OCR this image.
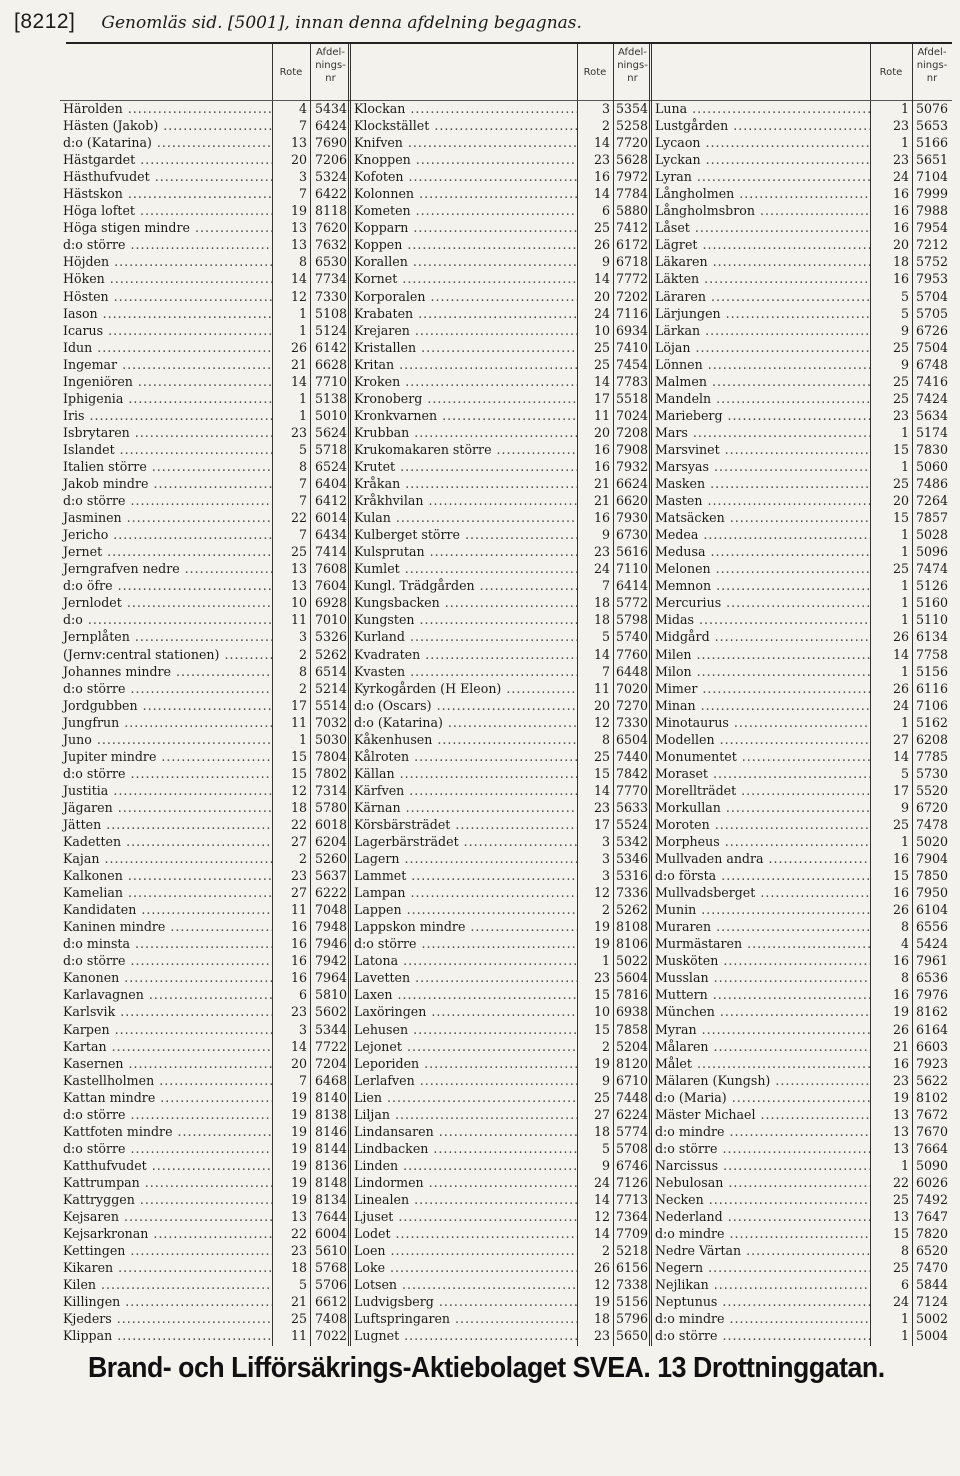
[8212] Genomläs sid. [5001], innan denna afdelning begagnas.
Rote
Afdel-
nings-
nr
Härolden .....	4 5434
Hästen (Jakob) .....	7 6424
d:o (Katarina) .....	13 7690
Hästgardet .....	20 7206
Hästhufvudet .....	3 5324
Hästskon .....	7 6422
Höga loftet .....	19 8118
Höga stigen mindre .....	13 7620
d:o större .....	13 7632
Höjden .....	8 6530
Höken .....	14 7734
Hösten .....	12 7330
Iason .....	1 5108
Icarus .....	1 5124
Idun .....	26 6142
Ingemar .....	21 6628
Ingeniören .....	14 7710
Iphigenia .....	1 5138
Iris .....	1 5010
Isbrytaren .....	23 5624
Islandet .....	5 5718
Italien större .....	8 6524
Jakob mindre .....	7 6404
d:o större .....	7 6412
Jasminen .....	22 6014
Jericho .....	7 6434
Jernet .....	25 7414
Jerngrafven nedre .....	13 7608
d:o öfre .....	13 7604
Jernlodet .....	10 6928
d:o .....	11 7010
Jernplåten .....	3 5326
(Jernv:central stationen) .....	2 5262
Johannes mindre .....	8 6514
d:o större .....	2 5214
Jordgubben .....	17 5514
Jungfrun .....	11 7032
Juno .....	1 5030
Jupiter mindre .....	15 7804
d:o större .....	15 7802
Justitia .....	12 7314
Jägaren .....	18 5780
Jätten .....	22 6018
Kadetten .....	27 6204
Kajan .....	2 5260
Kalkonen .....	23 5637
Kamelian .....	27 6222
Kandidaten .....	11 7048
Kaninen mindre .....	16 7948
d:o minsta .....	16 7946
d:o större .....	16 7942
Kanonen .....	16 7964
Karlavagnen .....	6 5810
Karlsvik .....	23 5602
Karpen .....	3 5344
Kartan .....	14 7722
Kasernen .....	20 7204
Kastellholmen .....	7 6468
Kattan mindre .....	19 8140
d:o större .....	19 8138
Kattfoten mindre .....	19 8146
d:o större .....	19 8144
Katthufvudet .....	19 8136
Kattrumpan .....	19 8148
Kattryggen .....	19 8134
Kejsaren .....	13 7644
Kejsarkronan .....	22 6004
Kettingen .....	23 5610
Kikaren .....	18 5768
Kilen .....	5 5706
Killingen .....	21 6612
Kjeders .....	25 7408
Klippan .....	11 7022
Rote
Afdel-
nings-
nr
Klockan .....	3 5354
Klockstället .....	2 5258
Knifven .....	14 7720
Knoppen .....	23 5628
Kofoten .....	16 7972
Kolonnen .....	14 7784
Kometen .....	6 5880
Kopparn .....	25 7412
Koppen .....	26 6172
Korallen .....	9 6718
Kornet .....	14 7772
Korporalen .....	20 7202
Krabaten .....	24 7116
Krejaren .....	10 6934
Kristallen .....	25 7410
Kritan .....	25 7454
Kroken .....	14 7783
Kronoberg .....	17 5518
Kronkvarnen .....	11 7024
Krubban .....	20 7208
Krukomakaren större .....	16 7908
Krutet .....	16 7932
Kråkan .....	21 6624
Kråkhvilan .....	21 6620
Kulan .....	16 7930
Kulberget större .....	9 6730
Kulsprutan .....	23 5616
Kumlet .....	24 7110
Kungl. Trädgården .....	7 6414
Kungsbacken .....	18 5772
Kungsten .....	18 5798
Kurland .....	5 5740
Kvadraten .....	14 7760
Kvasten .....	7 6448
Kyrkogården (H Eleon) .....	11 7020
d:o (Oscars) .....	20 7270
d:o (Katarina) .....	12 7330
Kåkenhusen .....	8 6504
Kålroten .....	25 7440
Källan .....	15 7842
Kärfven .....	14 7770
Kärnan .....	23 5633
Körsbärsträdet .....	17 5524
Lagerbärsträdet .....	3 5342
Lagern .....	3 5346
Lammet .....	3 5316
Lampan .....	12 7336
Lappen .....	2 5262
Lappskon mindre .....	19 8108
d:o större .....	19 8106
Latona .....	1 5022
Lavetten .....	23 5604
Laxen .....	15 7816
Laxöringen .....	10 6938
Lehusen .....	15 7858
Lejonet .....	2 5204
Leporiden .....	19 8120
Lerlafven .....	9 6710
Lien .....	25 7448
Liljan .....	27 6224
Lindansaren .....	18 5774
Lindbacken .....	5 5708
Linden .....	9 6746
Lindormen .....	24 7126
Linealen .....	14 7713
Ljuset .....	12 7364
Lodet .....	14 7709
Loen .....	2 5218
Loke .....	26 6156
Lotsen .....	12 7338
Ludvigsberg .....	19 5156
Luftspringaren .....	18 5796
Lugnet .....	23 5650
Rote
Afdel-
nings-
nr
Luna .....	1 5076
Lustgården .....	23 5653
Lycaon .....	1 5166
Lyckan .....	23 5651
Lyran .....	24 7104
Långholmen .....	16 7999
Långholmsbron .....	16 7988
Låset .....	16 7954
Lägret .....	20 7212
Läkaren .....	18 5752
Läkten .....	16 7953
Läraren .....	5 5704
Lärjungen .....	5 5705
Lärkan .....	9 6726
Löjan .....	25 7504
Lönnen .....	9 6748
Malmen .....	25 7416
Mandeln .....	25 7424
Marieberg .....	23 5634
Mars .....	1 5174
Marsvinet .....	15 7830
Marsyas .....	1 5060
Masken .....	25 7486
Masten .....	20 7264
Matsäcken .....	15 7857
Medea .....	1 5028
Medusa .....	1 5096
Melonen .....	25 7474
Memnon .....	1 5126
Mercurius .....	1 5160
Midas .....	1 5110
Midgård .....	26 6134
Milen .....	14 7758
Milon .....	1 5156
Mimer .....	26 6116
Minan .....	24 7106
Minotaurus .....	1 5162
Modellen .....	27 6208
Monumentet .....	14 7785
Moraset .....	5 5730
Morellträdet .....	17 5520
Morkullan .....	9 6720
Moroten .....	25 7478
Morpheus .....	1 5020
Mullvaden andra .....	16 7904
d:o första .....	15 7850
Mullvadsberget .....	16 7950
Munin .....	26 6104
Muraren .....	8 6556
Murmästaren .....	4 5424
Musköten .....	16 7961
Musslan .....	8 6536
Muttern .....	16 7976
München .....	19 8162
Myran .....	26 6164
Målaren .....	21 6603
Målet .....	16 7923
Mälaren (Kungsh) .....	23 5622
d:o (Maria) .....	19 8102
Mäster Michael .....	13 7672
d:o mindre .....	13 7670
d:o större .....	13 7664
Narcissus .....	1 5090
Nebulosan .....	22 6026
Necken .....	25 7492
Nederland .....	13 7647
d:o mindre .....	15 7820
Nedre Värtan .....	8 6520
Negern .....	25 7470
Nejlikan .....	6 5844
Neptunus .....	24 7124
d:o mindre .....	1 5002
d:o större .....	1 5004
Brand- och Lifförsäkrings-Aktiebolaget SVEA. 13 Drottninggatan.
